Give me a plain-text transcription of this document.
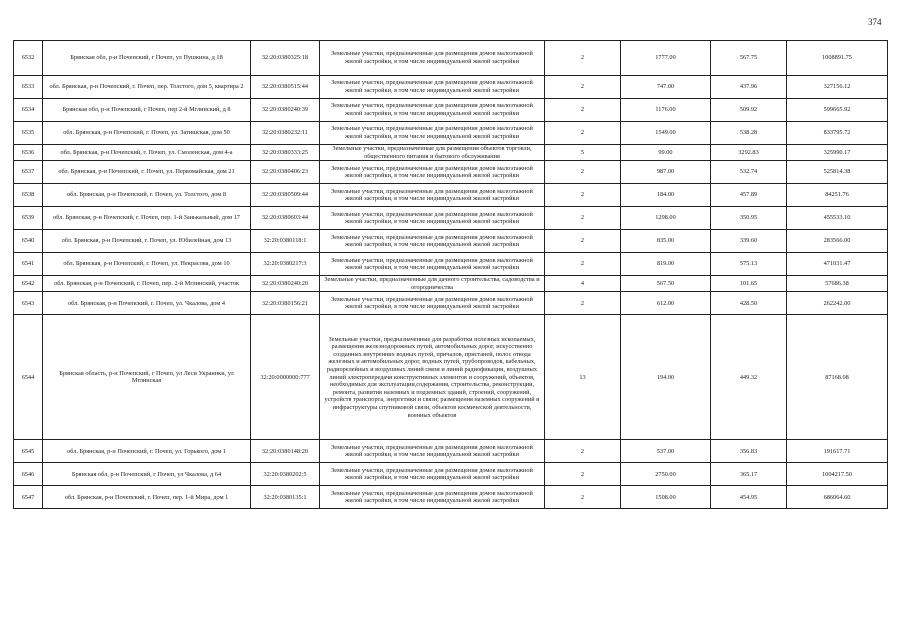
374
6532	Брянская обл, р-н Почепский, г Почеп, ул Пушкина, д 18	32:20:0380325:18	Земельные участки, предназначенные для размещения домов малоэтажной жилой застройки, в том числе индивидуальной жилой застройки	2	1777.00	567.75	1008891.75
6533	обл. Брянская, р-н Почепский, г. Почеп, пер. Толстого, дом 5, квартира 2	32:20:0380515:44	Земельные участки, предназначенные для размещения домов малоэтажной жилой застройки, в том числе индивидуальной жилой застройки	2	747.00	437.96	327156.12
6534	Брянская обл, р-н Почепский, г Почеп, пер 2-й Мглинский, д 8	32:20:0380240:39	Земельные участки, предназначенные для размещения домов малоэтажной жилой застройки, в том числе индивидуальной жилой застройки	2	1176.00	509.92	599665.92
6535	обл. Брянская, р-н Почепский, г. Почеп, ул. Затишская, дом 50	32:20:0380232:11	Земельные участки, предназначенные для размещения домов малоэтажной жилой застройки, в том числе индивидуальной жилой застройки	2	1549.00	538.28	833795.72
6536	обл. Брянская, р-н Почепский, г. Почеп, ул. Смоленская, дом 4-а	32:20:0380333:25	Земельные участки, предназначенные для размещения объектов торговли, общественного питания и бытового обслуживания	5	99.00	3292.83	325990.17
6537	обл. Брянская, р-н Почепский, г. Почеп, ул. Первомайская, дом 21	32:20:0380406:23	Земельные участки, предназначенные для размещения домов малоэтажной жилой застройки, в том числе индивидуальной жилой застройки	2	987.00	532.74	525814.38
6538	обл. Брянская, р-н Почепский, г. Почеп, ул. Толстого, дом 8	32:20:0380509:44	Земельные участки, предназначенные для размещения домов малоэтажной жилой застройки, в том числе индивидуальной жилой застройки	2	184.00	457.89	84251.76
6539	обл. Брянская, р-н Почепский, г. Почеп, пер. 1-й Занькальный, дом 17	32:20:0380603:44	Земельные участки, предназначенные для размещения домов малоэтажной жилой застройки, в том числе индивидуальной жилой застройки	2	1298.00	350.95	455533.10
6540	обл. Брянская, р-н Почепский, г. Почеп, ул. Юбилейная, дом 13	32:20:0380118:1	Земельные участки, предназначенные для размещения домов малоэтажной жилой застройки, в том числе индивидуальной жилой застройки	2	835.00	339.60	283566.00
6541	обл. Брянская, р-н Почепский, г. Почеп, ул. Некрасова, дом 10	32:20:0380217:3	Земельные участки, предназначенные для размещения домов малоэтажной жилой застройки, в том числе индивидуальной жилой застройки	2	819.00	575.13	471031.47
6542	обл. Брянская, р-н Почепский, г. Почеп, пер. 2-й Мглинский, участок	32:20:0380240:20	Земельные участки, предназначенные для дачного строительства, садоводства и огородничества	4	567.50	101.65	57686.38
6543	обл. Брянская, р-н Почепский, г. Почеп, ул. Чкалова, дом 4	32:20:0380156:21	Земельные участки, предназначенные для размещения домов малоэтажной жилой застройки, в том числе индивидуальной жилой застройки	2	612.00	428.50	262242.00
6544	Брянская область, р-н Почепский, г Почеп, ул Леси Украинки, ул Мглинская	32:20:0000000:777	Земельные участки, предназначенные для разработки полезных ископаемых, размещения железнодорожных путей, автомобильных дорог, искусственно созданных внутренних водных путей, причалов, пристаней, полос отвода железных и автомобильных дорог, водных путей, трубопроводов, кабельных, радиорелейных и воздушных линий связи и линий радиофикации, воздушных линий электропередачи конструктивных элементов и сооружений, объектов, необходимых для эксплуатации,содержания, строительства, реконструкции, ремонта, развития наземных и подземных зданий, строений, сооружений, устройств транспорта, энергетики и связи; размещения наземных сооружений и инфраструктуры спутниковой связи, объектов космической деятельности, военных объектов	13	194.00	449.32	87168.08
6545	обл. Брянская, р-н Почепский, г. Почеп, ул. Горького, дом 1	32:20:0380148:20	Земельные участки, предназначенные для размещения домов малоэтажной жилой застройки, в том числе индивидуальной жилой застройки	2	537.00	356.83	191617.71
6546	Брянская обл, р-н Почепский, г Почеп, ул Чкалова, д 64	32:20:0380202:5	Земельные участки, предназначенные для размещения домов малоэтажной жилой застройки, в том числе индивидуальной жилой застройки	2	2750.00	365.17	1004217.50
6547	обл. Брянская, р-н Почепский, г. Почеп, пер. 1-й Мира, дом 1	32:20:0380135:1	Земельные участки, предназначенные для размещения домов малоэтажной жилой застройки, в том числе индивидуальной жилой застройки	2	1508.00	454.95	686064.60
